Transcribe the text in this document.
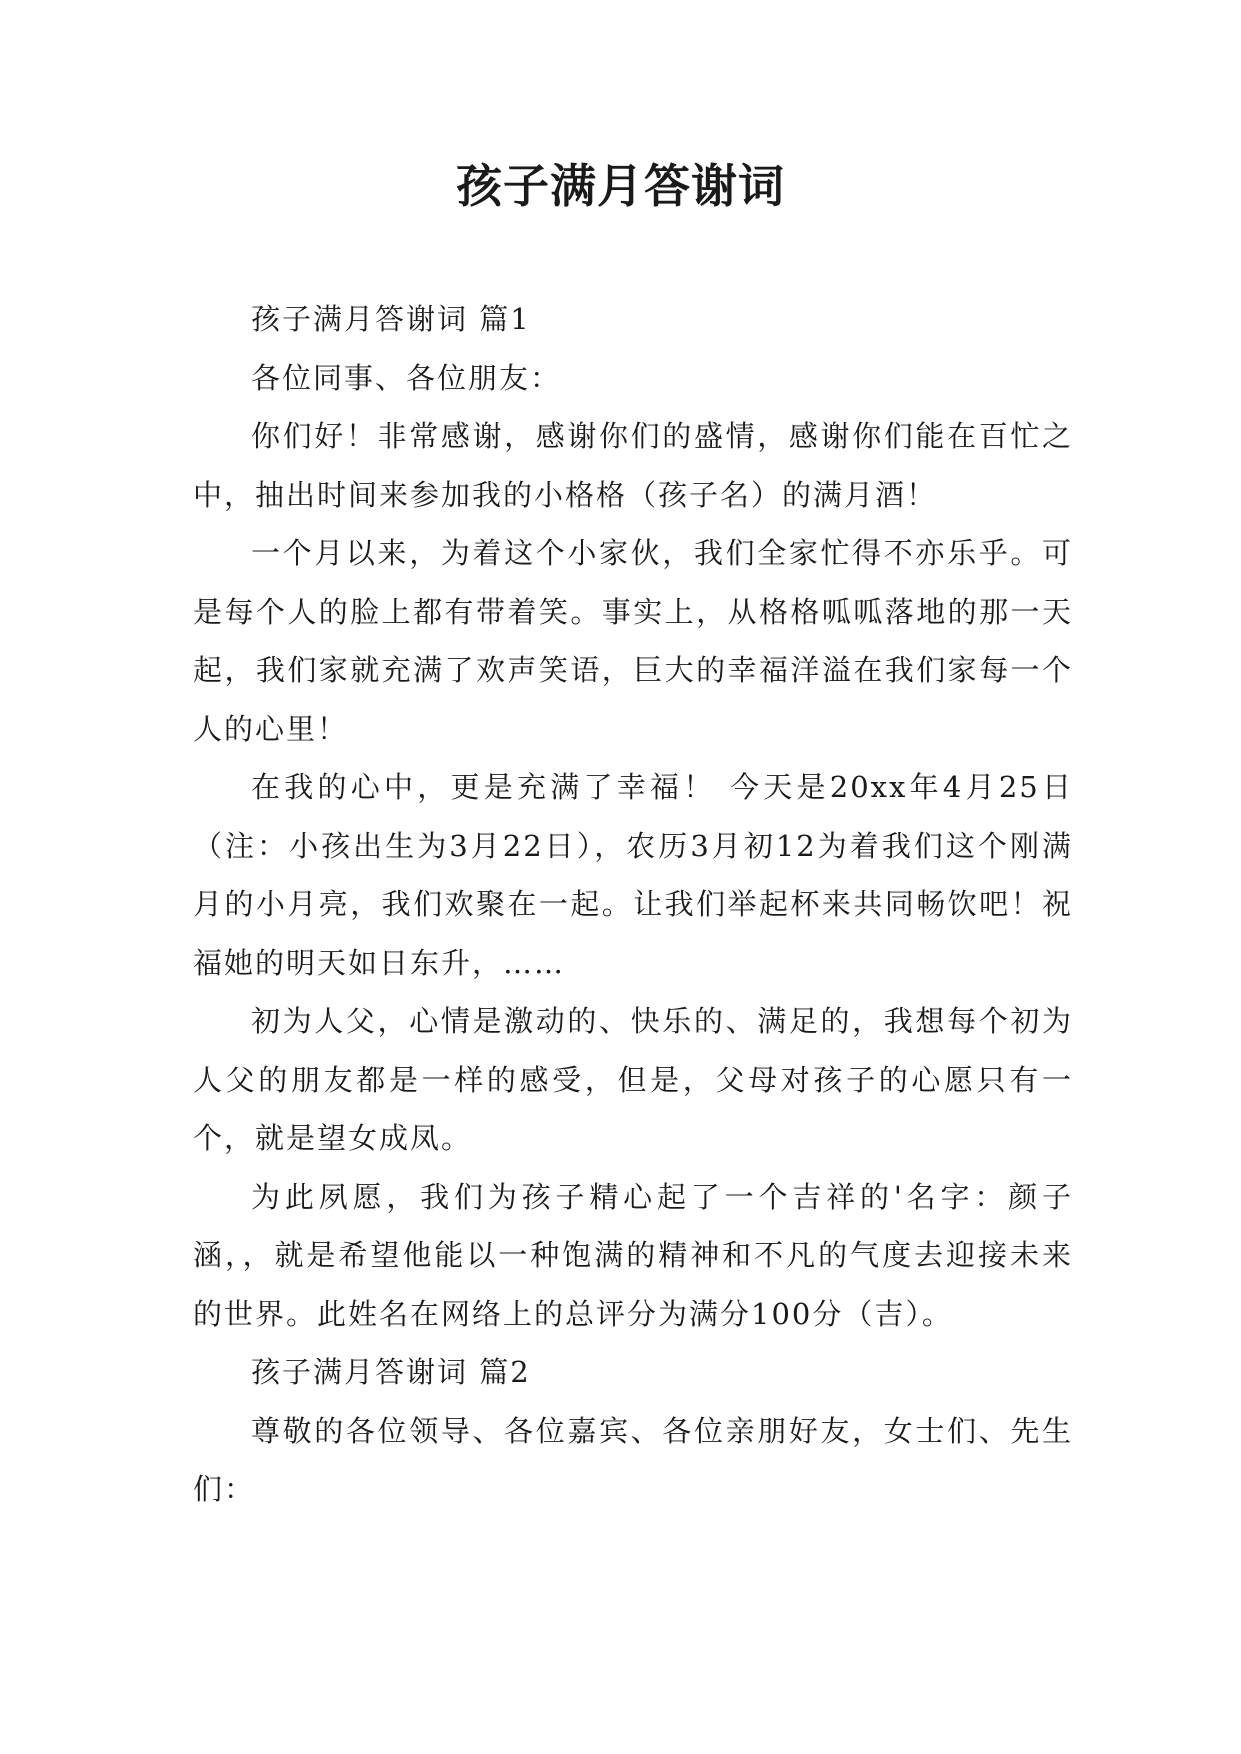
孩子满月答谢词

孩子满月答谢词 篇1

各位同事、各位朋友：

你们好！非常感谢，感谢你们的盛情，感谢你们能在百忙之中，抽出时间来参加我的小格格（孩子名）的满月酒！

一个月以来，为着这个小家伙，我们全家忙得不亦乐乎。可是每个人的脸上都有带着笑。事实上，从格格呱呱落地的那一天起，我们家就充满了欢声笑语，巨大的幸福洋溢在我们家每一个人的心里！

在我的心中，更是充满了幸福！ 今天是20xx年4月25日（注：小孩出生为3月22日），农历3月初12为着我们这个刚满月的小月亮，我们欢聚在一起。让我们举起杯来共同畅饮吧！祝福她的明天如日东升，……

初为人父，心情是激动的、快乐的、满足的，我想每个初为人父的朋友都是一样的感受，但是，父母对孩子的心愿只有一个，就是望女成凤。

为此夙愿，我们为孩子精心起了一个吉祥的'名字：颜子涵，，就是希望他能以一种饱满的精神和不凡的气度去迎接未来的世界。此姓名在网络上的总评分为满分100分（吉）。

孩子满月答谢词 篇2

尊敬的各位领导、各位嘉宾、各位亲朋好友，女士们、先生们：
